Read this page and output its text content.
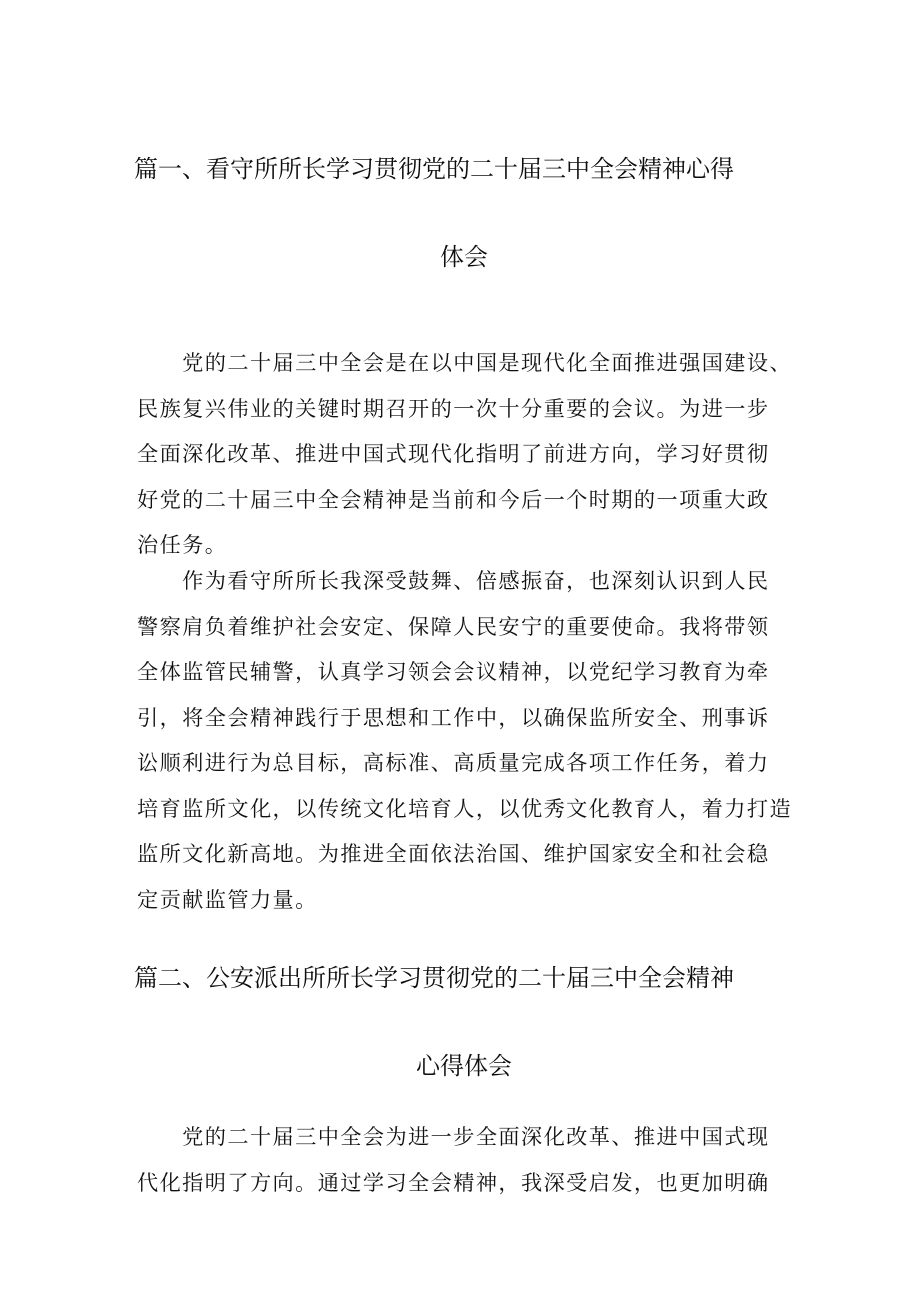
篇一、看守所所长学习贯彻党的二十届三中全会精神心得
体会
　　党的二十届三中全会是在以中国是现代化全面推进强国建设、
民族复兴伟业的关键时期召开的一次十分重要的会议。为进一步
全面深化改革、推进中国式现代化指明了前进方向，学习好贯彻
好党的二十届三中全会精神是当前和今后一个时期的一项重大政
治任务。
　　作为看守所所长我深受鼓舞、倍感振奋，也深刻认识到人民
警察肩负着维护社会安定、保障人民安宁的重要使命。我将带领
全体监管民辅警，认真学习领会会议精神，以党纪学习教育为牵
引，将全会精神践行于思想和工作中，以确保监所安全、刑事诉
讼顺利进行为总目标，高标准、高质量完成各项工作任务，着力
培育监所文化，以传统文化培育人，以优秀文化教育人，着力打造
监所文化新高地。为推进全面依法治国、维护国家安全和社会稳
定贡献监管力量。
篇二、公安派出所所长学习贯彻党的二十届三中全会精神
心得体会
　　党的二十届三中全会为进一步全面深化改革、推进中国式现
代化指明了方向。通过学习全会精神，我深受启发，也更加明确
